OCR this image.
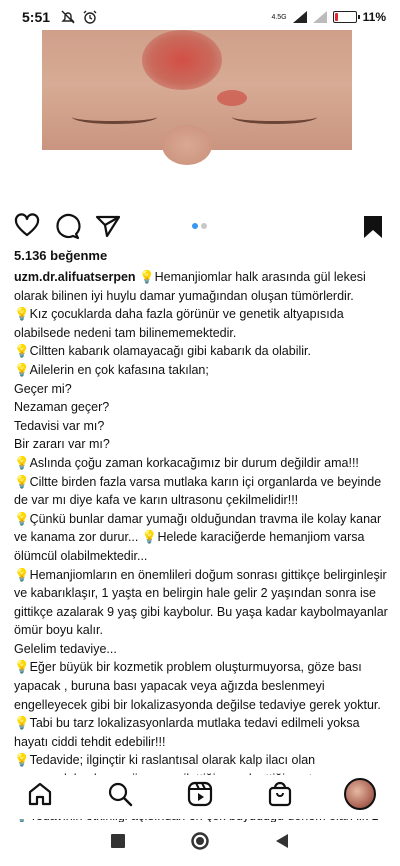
5:51	4.5G	11%
5.136 beğenme

uzm.dr.alifuatserpen 💡Hemanjiomlar halk arasında gül lekesi olarak bilinen iyi huylu damar yumağından oluşan tümörlerdir.

💡Kız çocuklarda daha fazla görünür ve genetik altyapısıda olabilsede nedeni tam bilinememektedir.

💡Ciltten kabarık olamayacağı gibi kabarık da olabilir.

💡Ailelerin en çok kafasına takılan;

Geçer mi?

Nezaman geçer?

Tedavisi var mı?

Bir zararı var mı?

💡Aslında çoğu zaman korkacağımız bir durum değildir ama!!!

💡Ciltte birden fazla varsa mutlaka karın içi organlarda ve beyinde de var mı diye kafa ve karın ultrasonu çekilmelidir!!!

💡Çünkü bunlar damar yumağı olduğundan travma ile kolay kanar ve kanama zor durur... 💡Helede karaciğerde hemanjiom varsa ölümcül olabilmektedir...

💡Hemanjiomların en önemlileri doğum sonrası gittikçe belirginleşir ve kabarıklaşır, 1 yaşta en belirgin hale gelir 2 yaşından sonra ise gittikçe azalarak 9 yaş gibi kaybolur. Bu yaşa kadar kaybolmayanlar ömür boyu kalır.

Gelelim tedaviye...

💡Eğer büyük bir kozmetik problem oluşturmuyorsa, göze bası yapacak , buruna bası yapacak veya ağızda beslenmeyi engelleyecek gibi bir lokalizasyonda değilse tedaviye gerek yoktur.

💡Tabi bu tarz lokalizasyonlarda mutlaka tedavi edilmeli yoksa hayatı ciddi tehdit edebilir!!!

💡Tedavide; ilginçtir ki raslantısal olarak kalp ilacı olan
